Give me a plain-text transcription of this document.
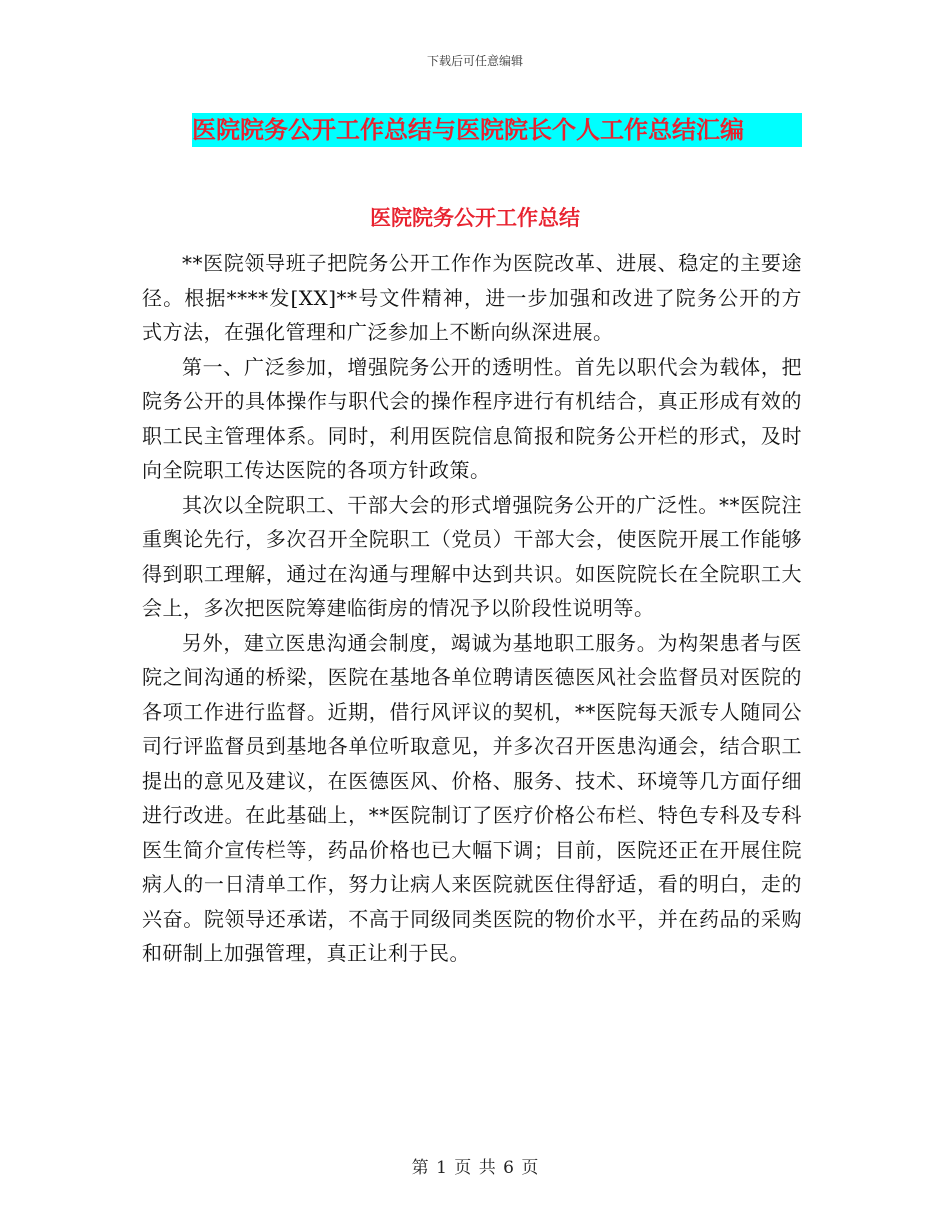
下载后可任意编辑
医院院务公开工作总结与医院院长个人工作总结汇编
医院院务公开工作总结

**医院领导班子把院务公开工作作为医院改革、进展、稳定的主要途径。根据****发[XX]**号文件精神，进一步加强和改进了院务公开的方式方法，在强化管理和广泛参加上不断向纵深进展。

第一、广泛参加，增强院务公开的透明性。首先以职代会为载体，把院务公开的具体操作与职代会的操作程序进行有机结合，真正形成有效的职工民主管理体系。同时，利用医院信息简报和院务公开栏的形式，及时向全院职工传达医院的各项方针政策。

其次以全院职工、干部大会的形式增强院务公开的广泛性。**医院注重舆论先行，多次召开全院职工（党员）干部大会，使医院开展工作能够得到职工理解，通过在沟通与理解中达到共识。如医院院长在全院职工大会上，多次把医院筹建临街房的情况予以阶段性说明等。

另外，建立医患沟通会制度，竭诚为基地职工服务。为构架患者与医院之间沟通的桥梁，医院在基地各单位聘请医德医风社会监督员对医院的各项工作进行监督。近期，借行风评议的契机，**医院每天派专人随同公司行评监督员到基地各单位听取意见，并多次召开医患沟通会，结合职工提出的意见及建议，在医德医风、价格、服务、技术、环境等几方面仔细进行改进。在此基础上，**医院制订了医疗价格公布栏、特色专科及专科医生简介宣传栏等，药品价格也已大幅下调；目前，医院还正在开展住院病人的一日清单工作，努力让病人来医院就医住得舒适，看的明白，走的兴奋。院领导还承诺，不高于同级同类医院的物价水平，并在药品的采购和研制上加强管理，真正让利于民。

第 1 页 共 6 页
